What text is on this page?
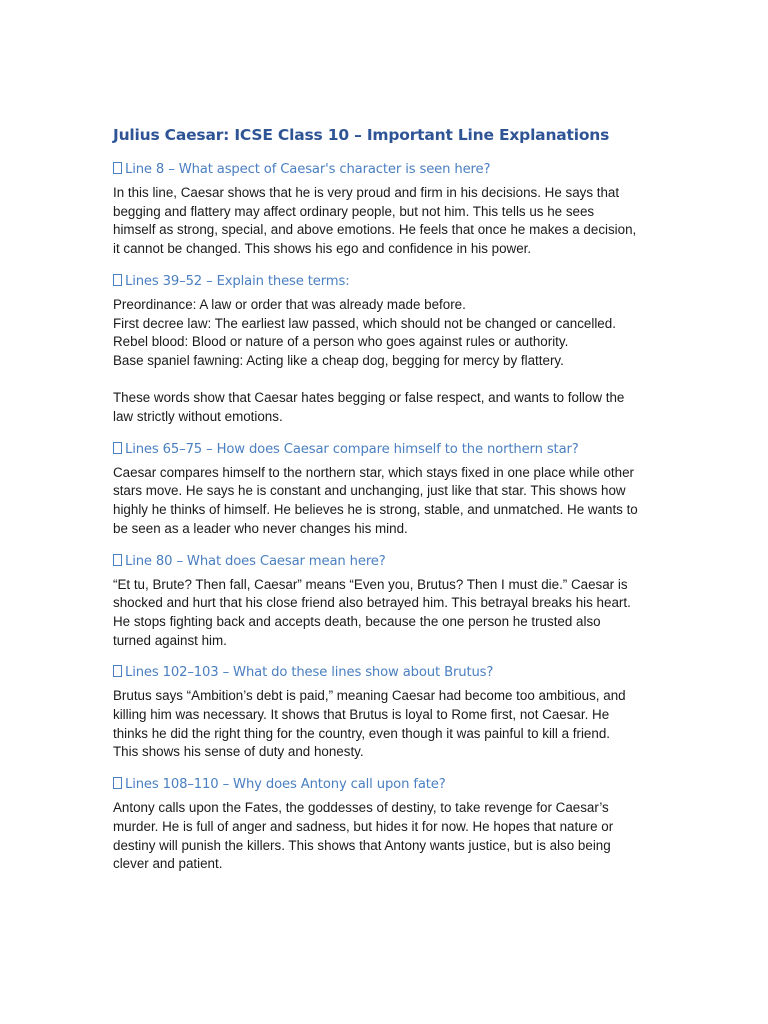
Julius Caesar: ICSE Class 10 – Important Line Explanations
Line 8 – What aspect of Caesar's character is seen here?

In this line, Caesar shows that he is very proud and firm in his decisions. He says that
begging and flattery may affect ordinary people, but not him. This tells us he sees
himself as strong, special, and above emotions. He feels that once he makes a decision,
it cannot be changed. This shows his ego and confidence in his power.

Lines 39–52 – Explain these terms:

Preordinance: A law or order that was already made before.
First decree law: The earliest law passed, which should not be changed or cancelled.
Rebel blood: Blood or nature of a person who goes against rules or authority.
Base spaniel fawning: Acting like a cheap dog, begging for mercy by flattery.
These words show that Caesar hates begging or false respect, and wants to follow the
law strictly without emotions.

Lines 65–75 – How does Caesar compare himself to the northern star?

Caesar compares himself to the northern star, which stays fixed in one place while other
stars move. He says he is constant and unchanging, just like that star. This shows how
highly he thinks of himself. He believes he is strong, stable, and unmatched. He wants to
be seen as a leader who never changes his mind.

Line 80 – What does Caesar mean here?

“Et tu, Brute? Then fall, Caesar” means “Even you, Brutus? Then I must die.” Caesar is
shocked and hurt that his close friend also betrayed him. This betrayal breaks his heart.
He stops fighting back and accepts death, because the one person he trusted also
turned against him.

Lines 102–103 – What do these lines show about Brutus?

Brutus says “Ambition’s debt is paid,” meaning Caesar had become too ambitious, and
killing him was necessary. It shows that Brutus is loyal to Rome first, not Caesar. He
thinks he did the right thing for the country, even though it was painful to kill a friend.
This shows his sense of duty and honesty.

Lines 108–110 – Why does Antony call upon fate?

Antony calls upon the Fates, the goddesses of destiny, to take revenge for Caesar’s
murder. He is full of anger and sadness, but hides it for now. He hopes that nature or
destiny will punish the killers. This shows that Antony wants justice, but is also being
clever and patient.
